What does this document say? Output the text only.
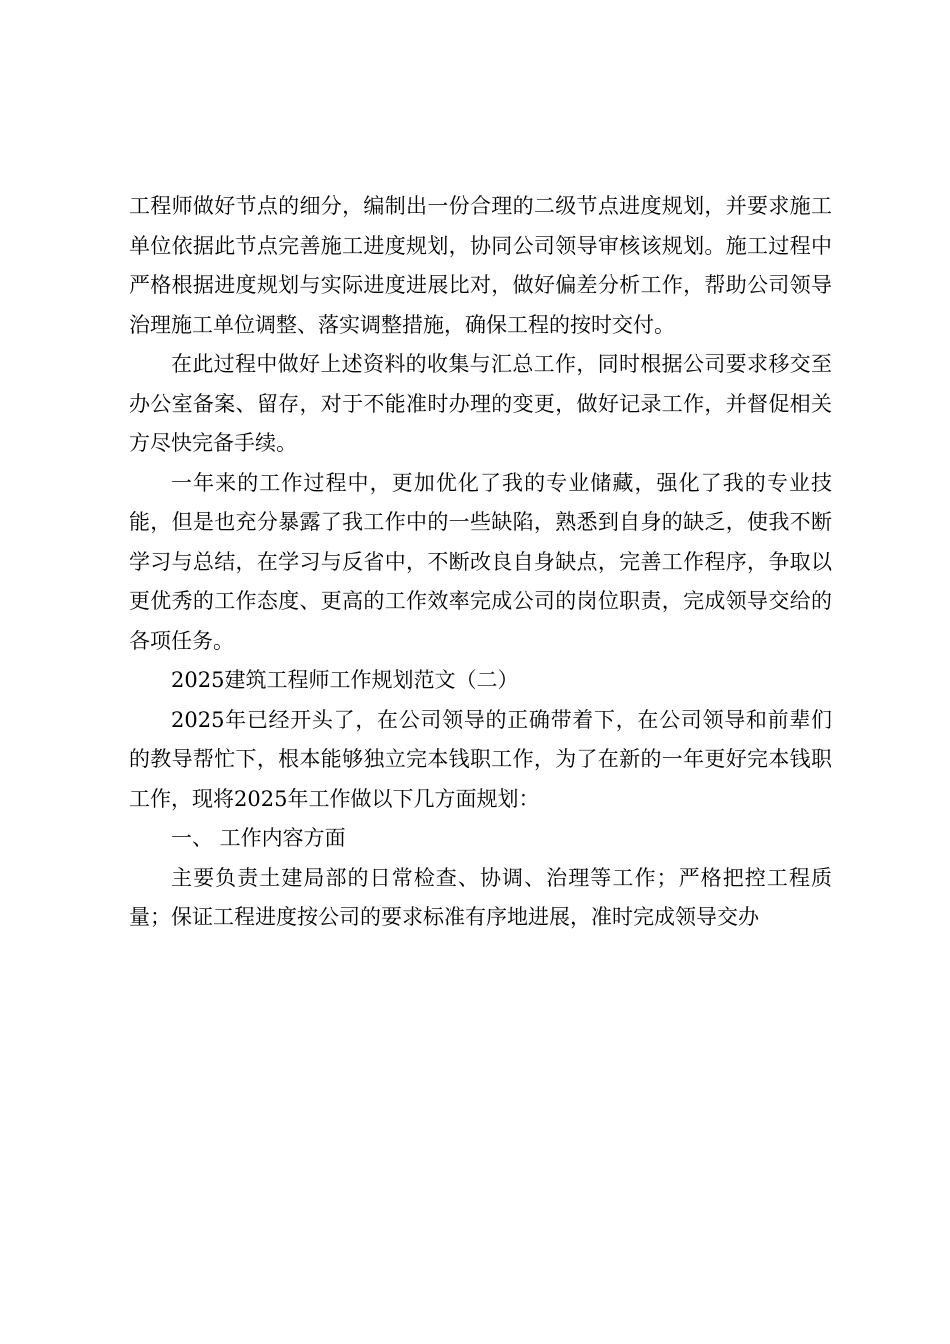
工程师做好节点的细分，编制出一份合理的二级节点进度规划，并要求施工单位依据此节点完善施工进度规划，协同公司领导审核该规划。施工过程中严格根据进度规划与实际进度进展比对，做好偏差分析工作，帮助公司领导治理施工单位调整、落实调整措施，确保工程的按时交付。

在此过程中做好上述资料的收集与汇总工作，同时根据公司要求移交至办公室备案、留存，对于不能准时办理的变更，做好记录工作，并督促相关方尽快完备手续。

一年来的工作过程中，更加优化了我的专业储藏，强化了我的专业技能，但是也充分暴露了我工作中的一些缺陷，熟悉到自身的缺乏，使我不断学习与总结，在学习与反省中，不断改良自身缺点，完善工作程序，争取以更优秀的工作态度、更高的工作效率完成公司的岗位职责，完成领导交给的各项任务。

2025建筑工程师工作规划范文（二）

2025年已经开头了，在公司领导的正确带着下，在公司领导和前辈们的教导帮忙下，根本能够独立完本钱职工作，为了在新的一年更好完本钱职工作，现将2025年工作做以下几方面规划：

一、 工作内容方面

主要负责土建局部的日常检查、协调、治理等工作；严格把控工程质量；保证工程进度按公司的要求标准有序地进展，准时完成领导交办
